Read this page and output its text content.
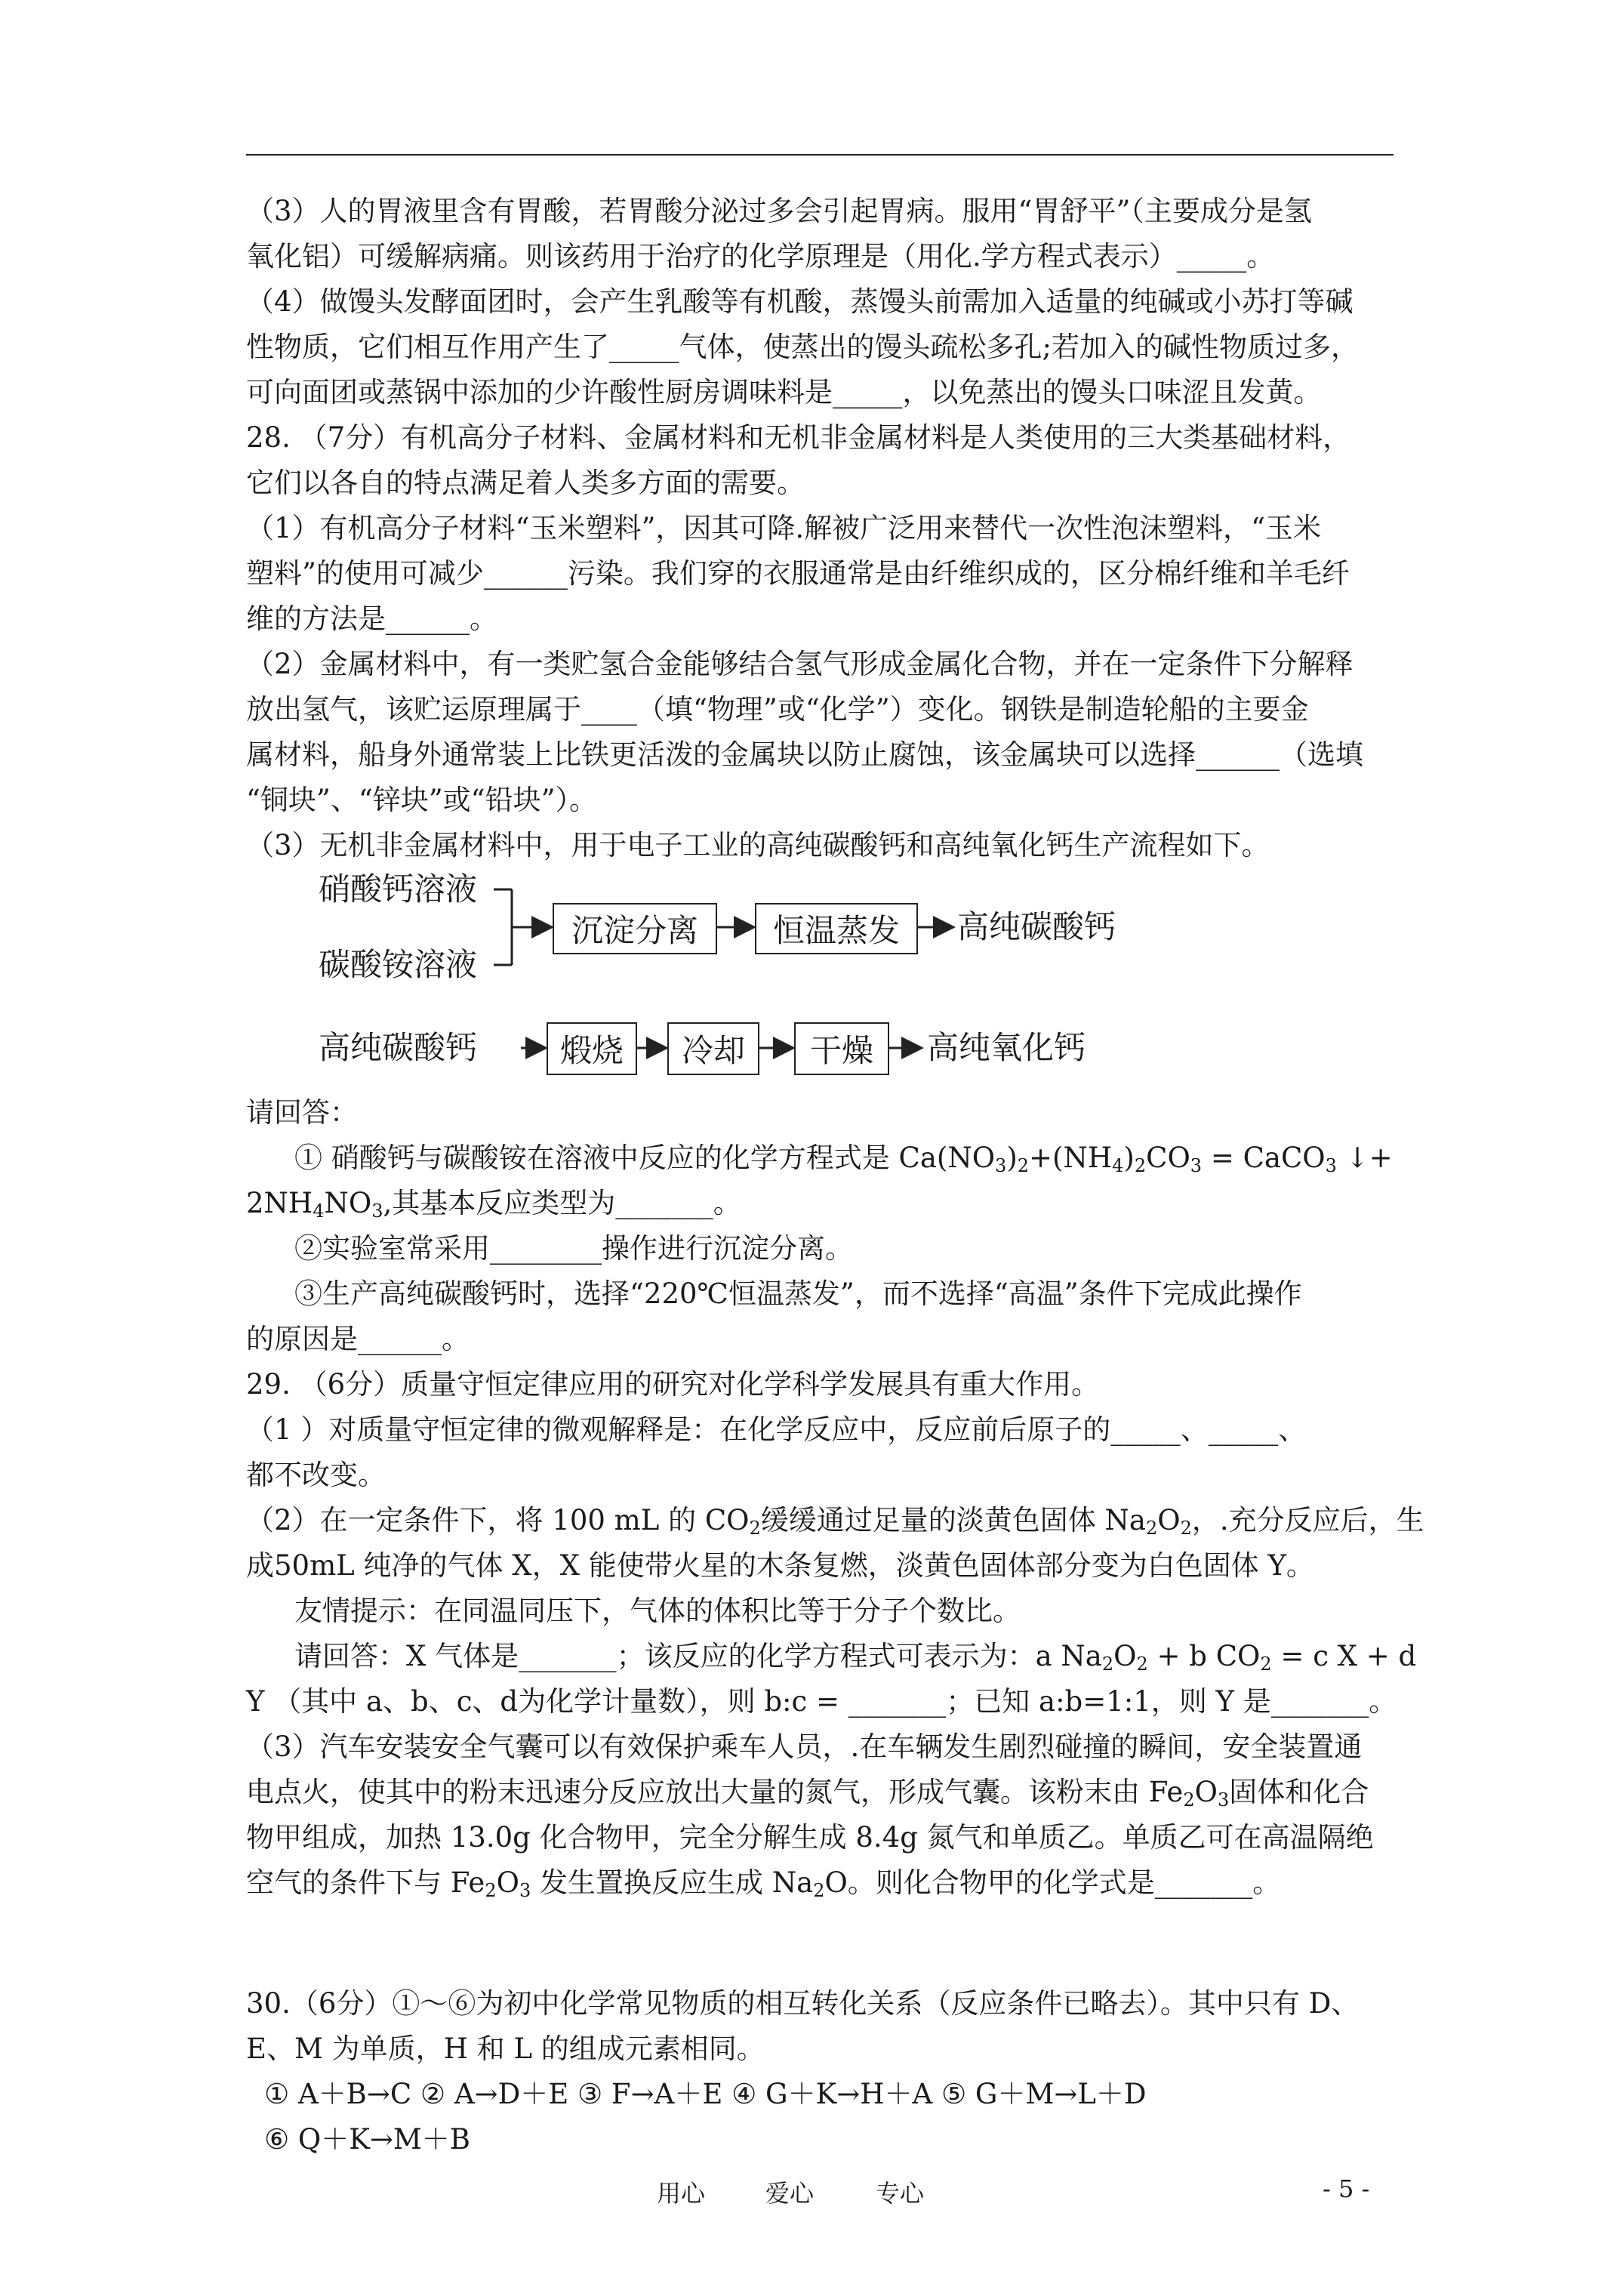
（3）人的胃液里含有胃酸，若胃酸分泌过多会引起胃病。服用“胃舒平”（主要成分是氢

氧化铝）可缓解病痛。则该药用于治疗的化学原理是（用化.学方程式表示）_____。

（4）做馒头发酵面团时，会产生乳酸等有机酸，蒸馒头前需加入适量的纯碱或小苏打等碱

性物质，它们相互作用产生了_____气体，使蒸出的馒头疏松多孔;若加入的碱性物质过多，

可向面团或蒸锅中添加的少许酸性厨房调味料是_____，以免蒸出的馒头口味涩且发黄。

28. （7分）有机高分子材料、金属材料和无机非金属材料是人类使用的三大类基础材料，

它们以各自的特点满足着人类多方面的需要。

（1）有机高分子材料“玉米塑料”，因其可降.解被广泛用来替代一次性泡沫塑料，“玉米

塑料”的使用可减少______污染。我们穿的衣服通常是由纤维织成的，区分棉纤维和羊毛纤

维的方法是______。

（2）金属材料中，有一类贮氢合金能够结合氢气形成金属化合物，并在一定条件下分解释

放出氢气，该贮运原理属于____（填“物理”或“化学”）变化。钢铁是制造轮船的主要金

属材料，船身外通常装上比铁更活泼的金属块以防止腐蚀，该金属块可以选择______（选填

“铜块”、“锌块”或“铅块”）。

（3）无机非金属材料中，用于电子工业的高纯碳酸钙和高纯氧化钙生产流程如下。

硝酸钙溶液
碳酸铵溶液
沉淀分离	恒温蒸发	高纯碳酸钙
高纯碳酸钙	煅烧	冷却	干燥	高纯氧化钙

请回答：

① 硝酸钙与碳酸铵在溶液中反应的化学方程式是 $Ca(NO_3)_2+(NH_4)_2CO_3$ = CaCO$_3$ ↓+

$2NH_4NO_3$,其基本反应类型为_______。

②实验室常采用________操作进行沉淀分离。

③生产高纯碳酸钙时，选择“220℃恒温蒸发”，而不选择“高温”条件下完成此操作

的原因是______。

29. （6分）质量守恒定律应用的研究对化学科学发展具有重大作用。

（1 ）对质量守恒定律的微观解释是：在化学反应中，反应前后原子的_____、_____、

都不改变。

（2）在一定条件下，将 100 mL 的 $CO_2$缓缓通过足量的淡黄色固体 $Na_2O_2$，.充分反应后，生

成50mL 纯净的气体 X，X 能使带火星的木条复燃，淡黄色固体部分变为白色固体 Y。

友情提示：在同温同压下，气体的体积比等于分子个数比。

请回答：X 气体是_______；该反应的化学方程式可表示为：a $Na_2O_2 + b$ $CO_2 = c$ X + d

Y （其中 a、b、c、d为化学计量数），则 b:c = _______；已知 a:b=1:1，则 Y 是_______。

（3）汽车安装安全气囊可以有效保护乘车人员，.在车辆发生剧烈碰撞的瞬间，安全装置通

电点火，使其中的粉末迅速分反应放出大量的氮气，形成气囊。该粉末由 $Fe_2O_3$固体和化合

物甲组成，加热 13.0g 化合物甲，完全分解生成 8.4g 氮气和单质乙。单质乙可在高温隔绝

空气的条件下与 $Fe_2O_3$ 发生置换反应生成 $Na_2O$。则化合物甲的化学式是_______。

30.（6分）①～⑥为初中化学常见物质的相互转化关系（反应条件已略去）。其中只有 D、

E、M 为单质，H 和 L 的组成元素相同。

① A＋B→C ② A→D＋E ③ F→A＋E ④ G＋K→H＋A ⑤ G＋M→L＋D

⑥ Q＋K→M＋B

用心 爱心	专心	- 5 -
